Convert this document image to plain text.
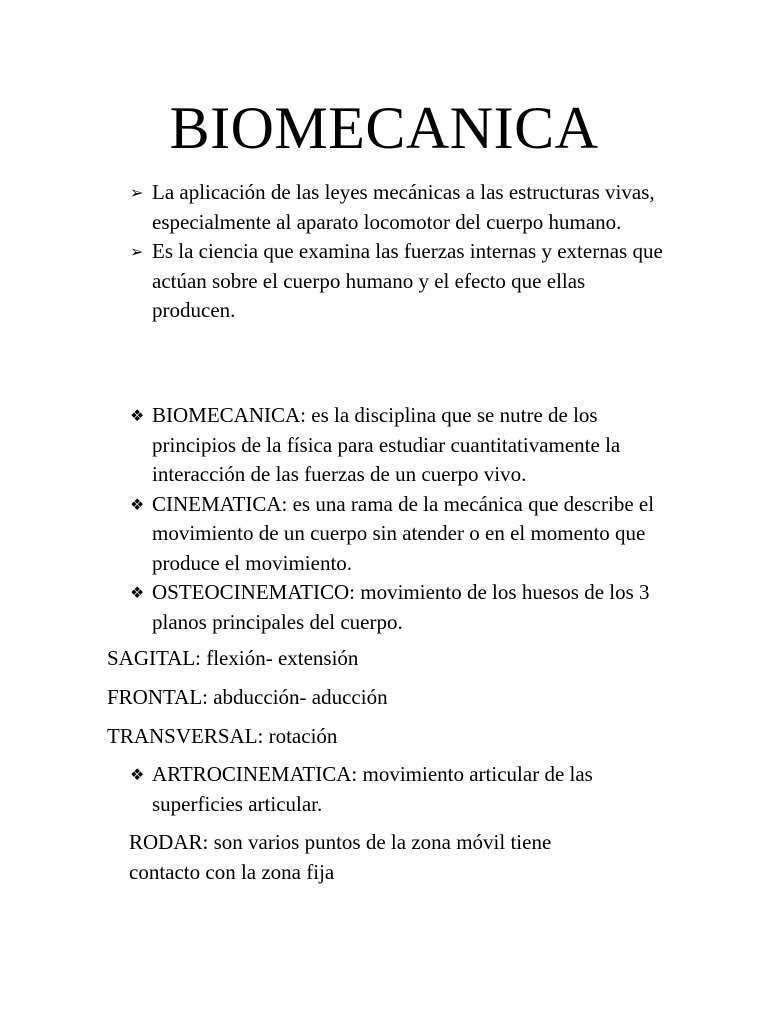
BIOMECANICA
➢ La aplicación de las leyes mecánicas a las estructuras vivas, especialmente al aparato locomotor del cuerpo humano.
➢ Es la ciencia que examina las fuerzas internas y externas que actúan sobre el cuerpo humano y el efecto que ellas producen.
❖ BIOMECANICA: es la disciplina que se nutre de los principios de la física para estudiar cuantitativamente la interacción de las fuerzas de un cuerpo vivo.
❖ CINEMATICA: es una rama de la mecánica que describe el movimiento de un cuerpo sin atender o en el momento que produce el movimiento.
❖ OSTEOCINEMATICO: movimiento de los huesos de los 3 planos principales del cuerpo.
SAGITAL: flexión- extensión
FRONTAL: abducción- aducción
TRANSVERSAL: rotación
❖ ARTROCINEMATICA: movimiento articular de las superficies articular.
RODAR: son varios puntos de la zona móvil tiene contacto con la zona fija
